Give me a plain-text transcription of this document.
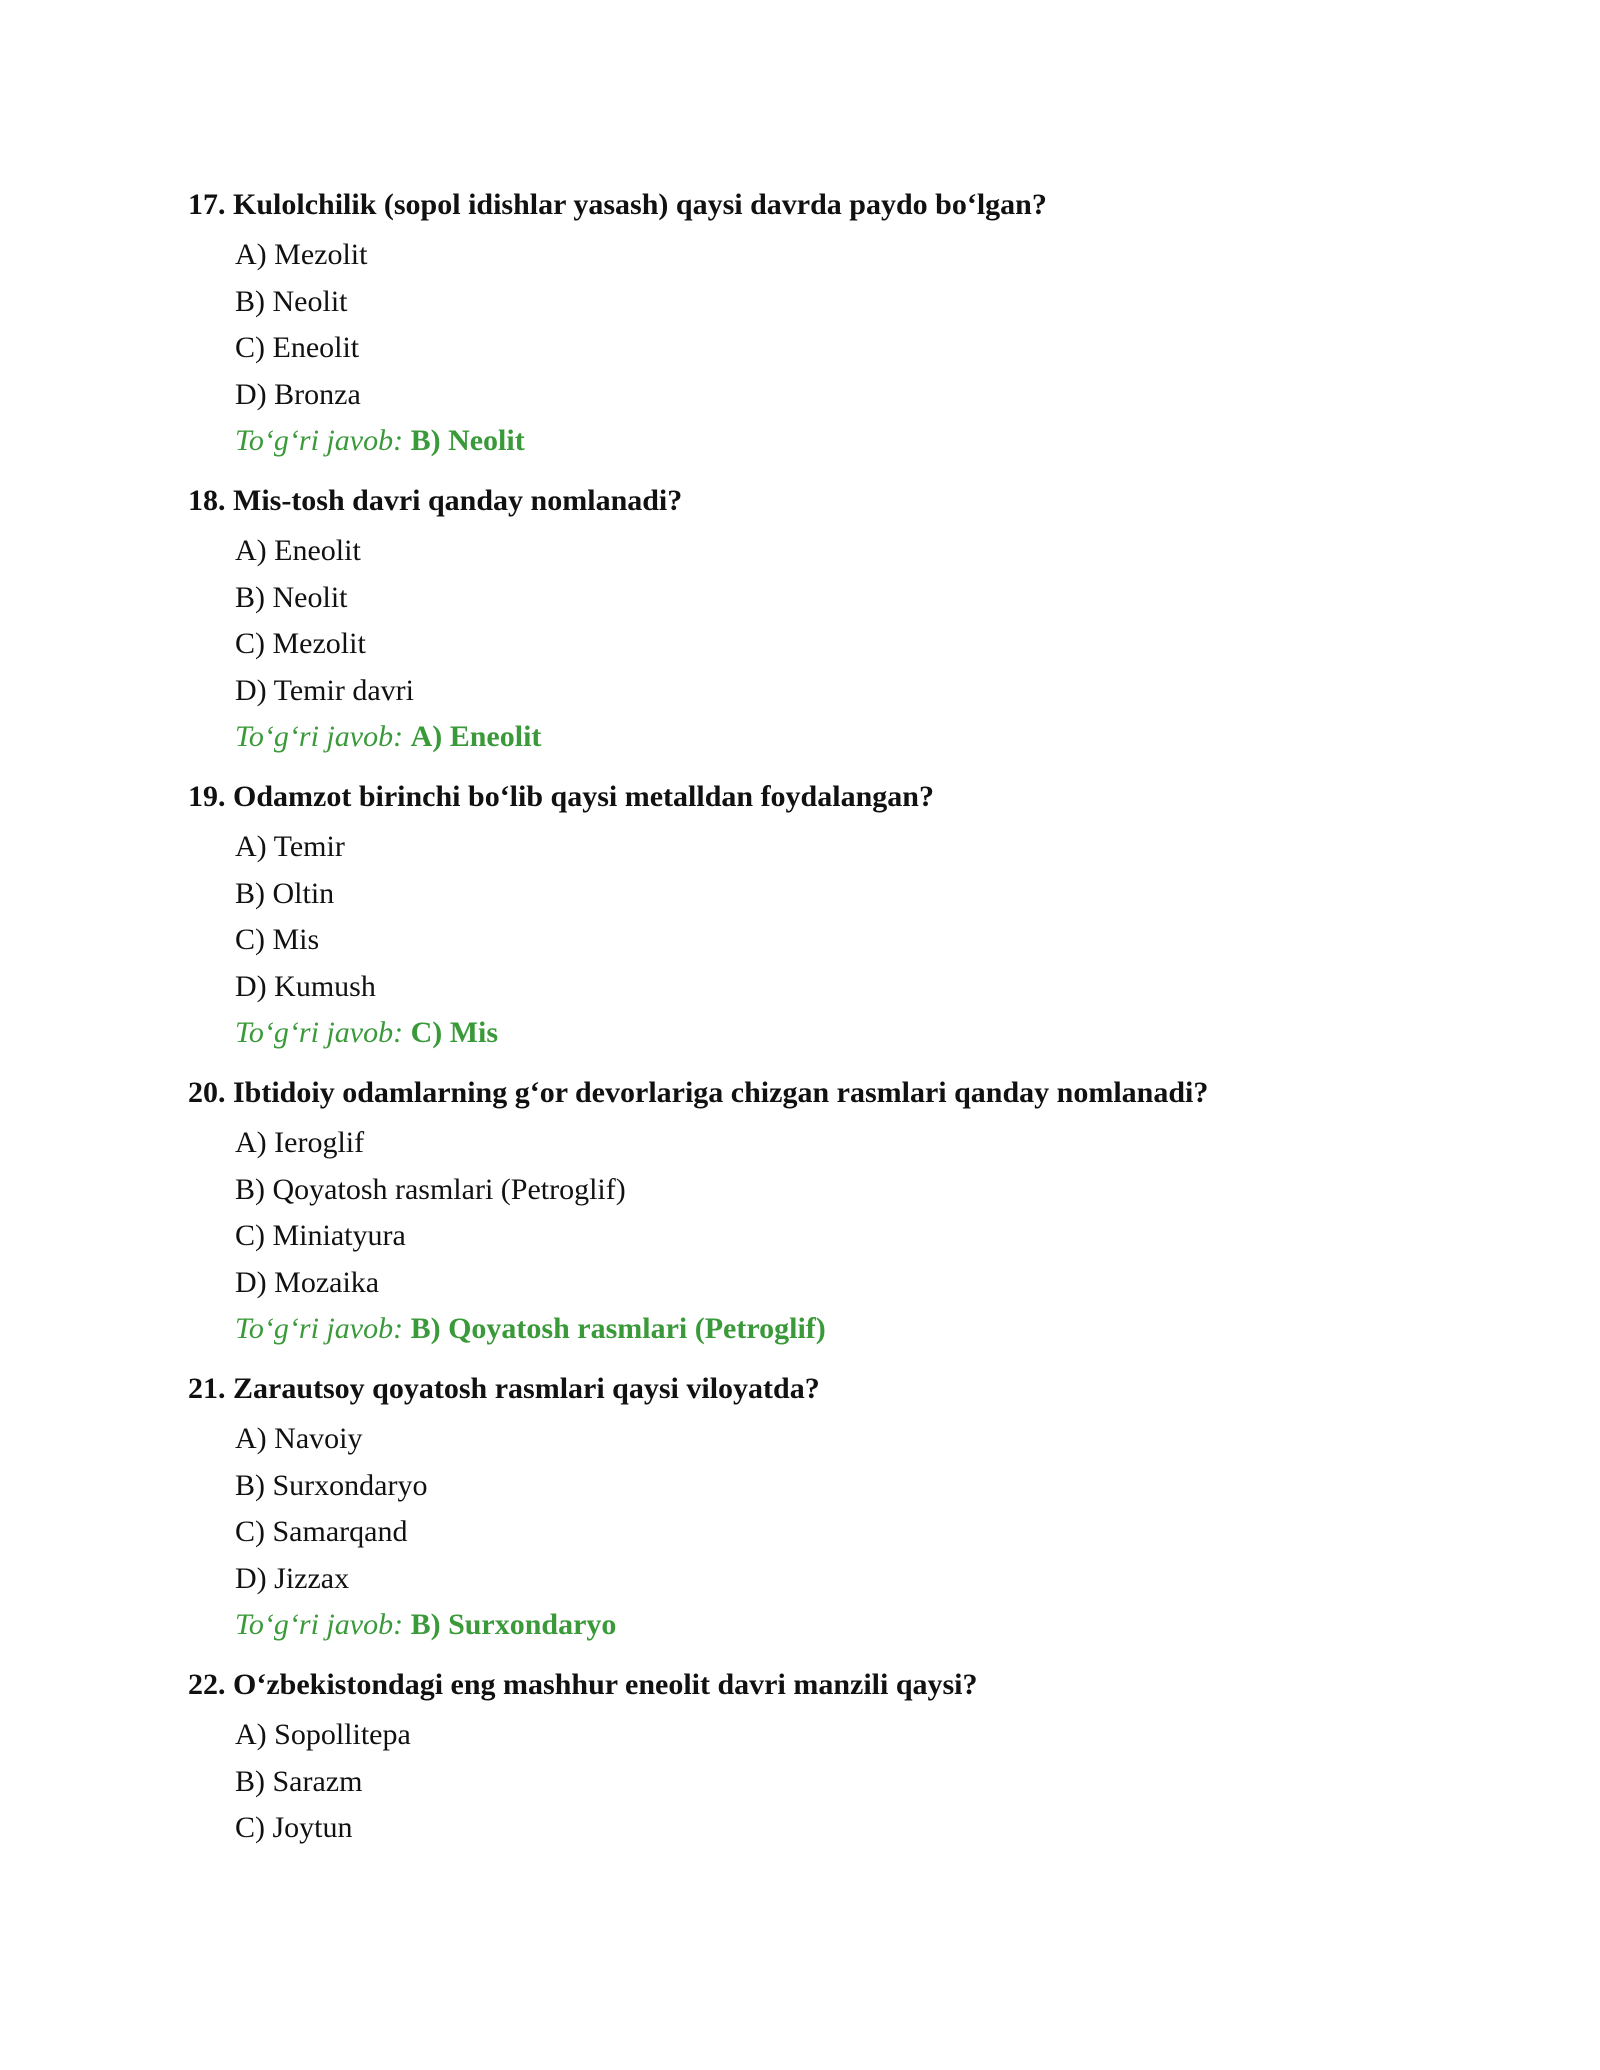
17. Kulolchilik (sopol idishlar yasash) qaysi davrda paydo bo‘lgan?
A) Mezolit
B) Neolit
C) Eneolit
D) Bronza
To‘g‘ri javob: B) Neolit
18. Mis-tosh davri qanday nomlanadi?
A) Eneolit
B) Neolit
C) Mezolit
D) Temir davri
To‘g‘ri javob: A) Eneolit
19. Odamzot birinchi bo‘lib qaysi metalldan foydalangan?
A) Temir
B) Oltin
C) Mis
D) Kumush
To‘g‘ri javob: C) Mis
20. Ibtidoiy odamlarning g‘or devorlariga chizgan rasmlari qanday nomlanadi?
A) Ieroglif
B) Qoyatosh rasmlari (Petroglif)
C) Miniatyura
D) Mozaika
To‘g‘ri javob: B) Qoyatosh rasmlari (Petroglif)
21. Zarautsoy qoyatosh rasmlari qaysi viloyatda?
A) Navoiy
B) Surxondaryo
C) Samarqand
D) Jizzax
To‘g‘ri javob: B) Surxondaryo
22. O‘zbekistondagi eng mashhur eneolit davri manzili qaysi?
A) Sopollitepa
B) Sarazm
C) Joytun
